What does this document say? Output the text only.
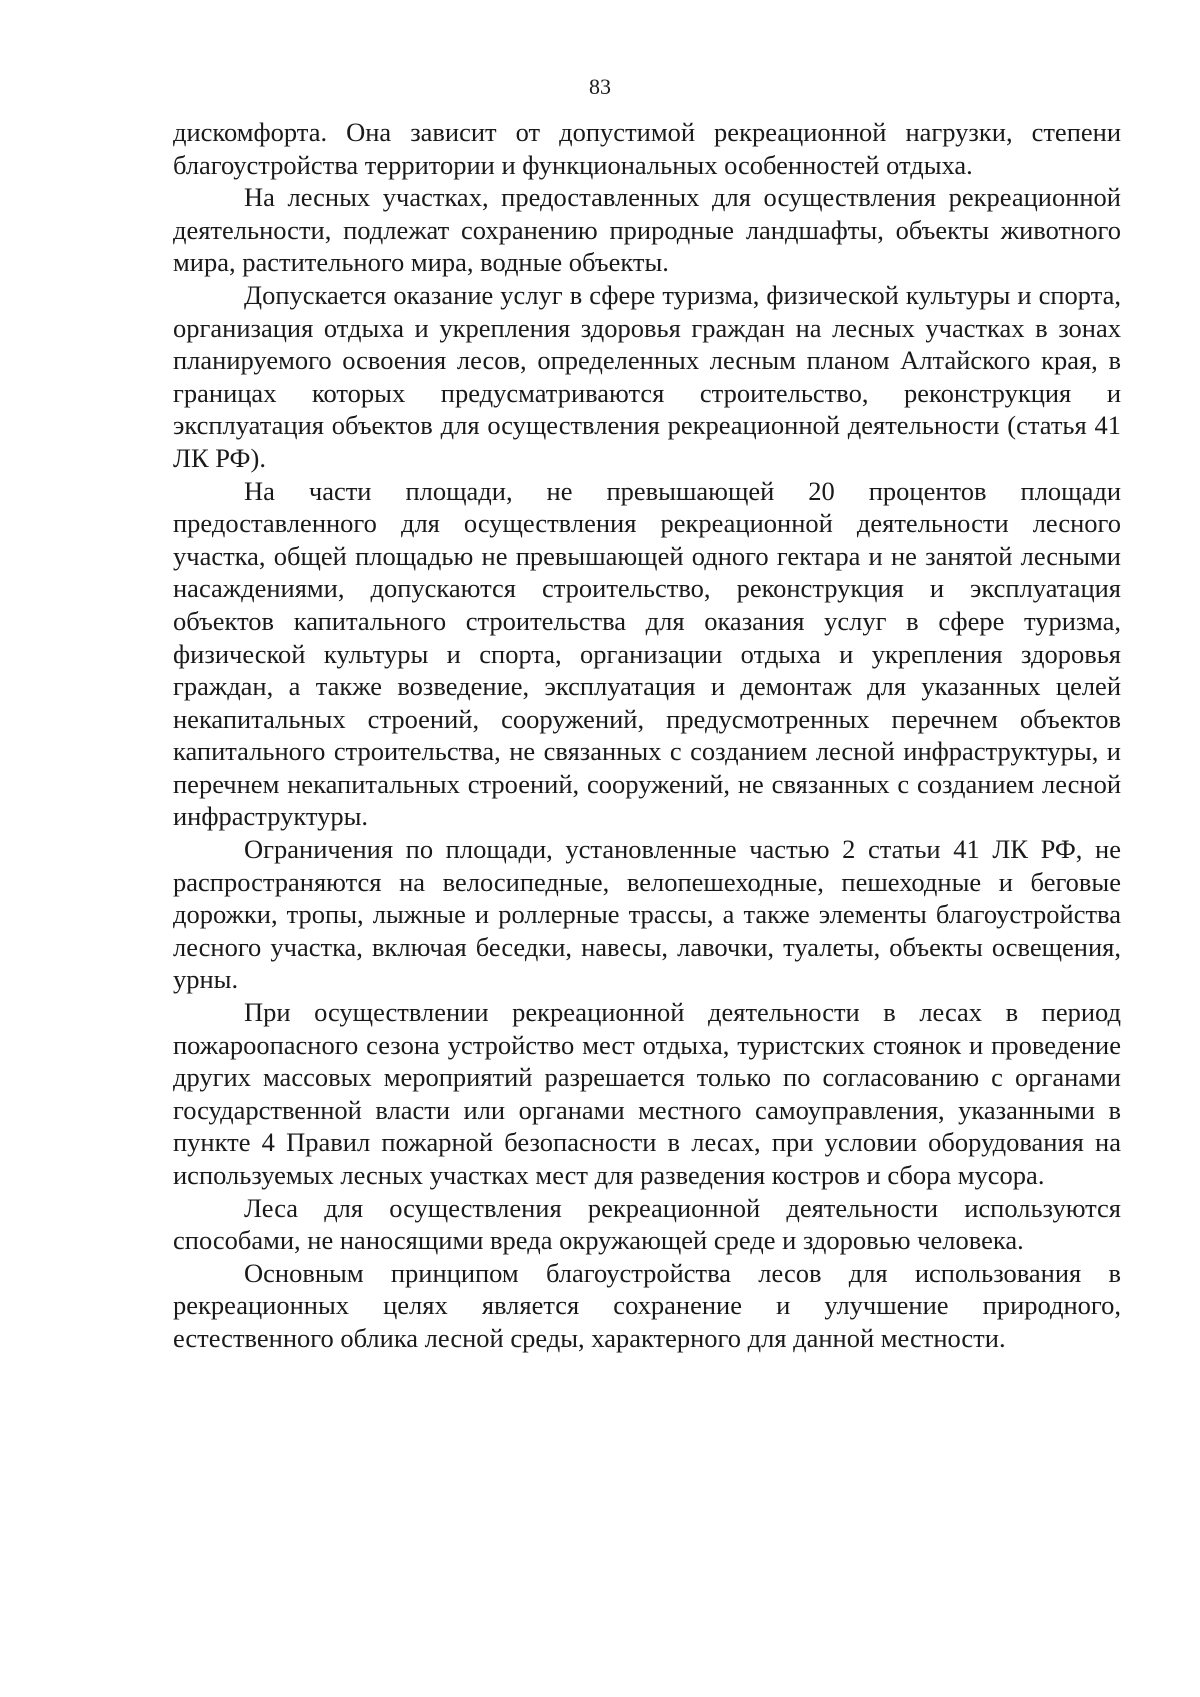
83

дискомфорта. Она зависит от допустимой рекреационной нагрузки, степени благоустройства территории и функциональных особенностей отдыха.

На лесных участках, предоставленных для осуществления рекреационной деятельности, подлежат сохранению природные ландшафты, объекты животного мира, растительного мира, водные объекты.

Допускается оказание услуг в сфере туризма, физической культуры и спорта, организация отдыха и укрепления здоровья граждан на лесных участках в зонах планируемого освоения лесов, определенных лесным планом Алтайского края, в границах которых предусматриваются строительство, реконструкция и эксплуатация объектов для осуществления рекреационной деятельности (статья 41 ЛК РФ).

На части площади, не превышающей 20 процентов площади предоставленного для осуществления рекреационной деятельности лесного участка, общей площадью не превышающей одного гектара и не занятой лесными насаждениями, допускаются строительство, реконструкция и эксплуатация объектов капитального строительства для оказания услуг в сфере туризма, физической культуры и спорта, организации отдыха и укрепления здоровья граждан, а также возведение, эксплуатация и демонтаж для указанных целей некапитальных строений, сооружений, предусмотренных перечнем объектов капитального строительства, не связанных с созданием лесной инфраструктуры, и перечнем некапитальных строений, сооружений, не связанных с созданием лесной инфраструктуры.

Ограничения по площади, установленные частью 2 статьи 41 ЛК РФ, не распространяются на велосипедные, велопешеходные, пешеходные и беговые дорожки, тропы, лыжные и роллерные трассы, а также элементы благоустройства лесного участка, включая беседки, навесы, лавочки, туалеты, объекты освещения, урны.

При осуществлении рекреационной деятельности в лесах в период пожароопасного сезона устройство мест отдыха, туристских стоянок и проведение других массовых мероприятий разрешается только по согласованию с органами государственной власти или органами местного самоуправления, указанными в пункте 4 Правил пожарной безопасности в лесах, при условии оборудования на используемых лесных участках мест для разведения костров и сбора мусора.

Леса для осуществления рекреационной деятельности используются способами, не наносящими вреда окружающей среде и здоровью человека.

Основным принципом благоустройства лесов для использования в рекреационных целях является сохранение и улучшение природного, естественного облика лесной среды, характерного для данной местности.
